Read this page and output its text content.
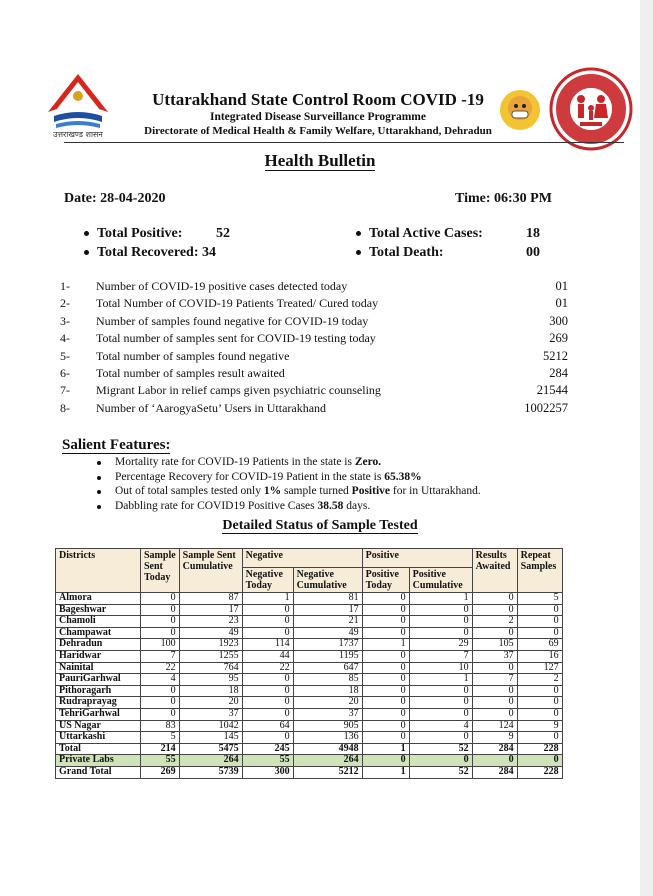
उत्तराखण्ड शासन
Uttarakhand State Control Room COVID -19
Integrated Disease Surveillance Programme
Directorate of Medical Health & Family Welfare, Uttarakhand, Dehradun
Health Bulletin
Date: 28-04-2020	Time: 06:30 PM
Total Positive: 52
Total Recovered: 34
Total Active Cases:	18
Total Death:	00
1- Number of COVID-19 positive cases detected today	01
2- Total Number of COVID-19 Patients Treated/ Cured today	01
3- Number of samples found negative for COVID-19 today	300
4- Total number of samples sent for COVID-19 testing today	269
5- Total number of samples found negative	5212
6- Total number of samples result awaited	284
7- Migrant Labor in relief camps given psychiatric counseling	21544
8- Number of ‘AarogyaSetu’ Users in Uttarakhand	1002257
Salient Features:
Mortality rate for COVID-19 Patients in the state is Zero.
Percentage Recovery for COVID-19 Patient in the state is 65.38%
Out of total samples tested only 1% sample turned Positive for in Uttarakhand.
Dabbling rate for COVID19 Positive Cases 38.58 days.
Detailed Status of Sample Tested
Districts	Sample Sent Today	Sample Sent Cumulative	Negative		Positive		Results Awaited	Repeat Samples
			Negative Today	Negative Cumulative	Positive Today	Positive Cumulative		

Almora	0	87	1	81	0	1	0	5
Bageshwar	0	17	0	17	0	0	0	0
Chamoli	0	23	0	21	0	0	2	0
Champawat	0	49	0	49	0	0	0	0
Dehradun	100	1923	114	1737	1	29	105	69
Haridwar	7	1255	44	1195	0	7	37	16
Nainital	22	764	22	647	0	10	0	127
PauriGarhwal	4	95	0	85	0	1	7	2
Pithoragarh	0	18	0	18	0	0	0	0
Rudraprayag	0	20	0	20	0	0	0	0
TehriGarhwal	0	37	0	37	0	0	0	0
US Nagar	83	1042	64	905	0	4	124	9
Uttarkashi	5	145	0	136	0	0	9	0
Total	214	5475	245	4948	1	52	284	228
Private Labs	55	264	55	264	0	0	0	0
Grand Total	269	5739	300	5212	1	52	284	228
